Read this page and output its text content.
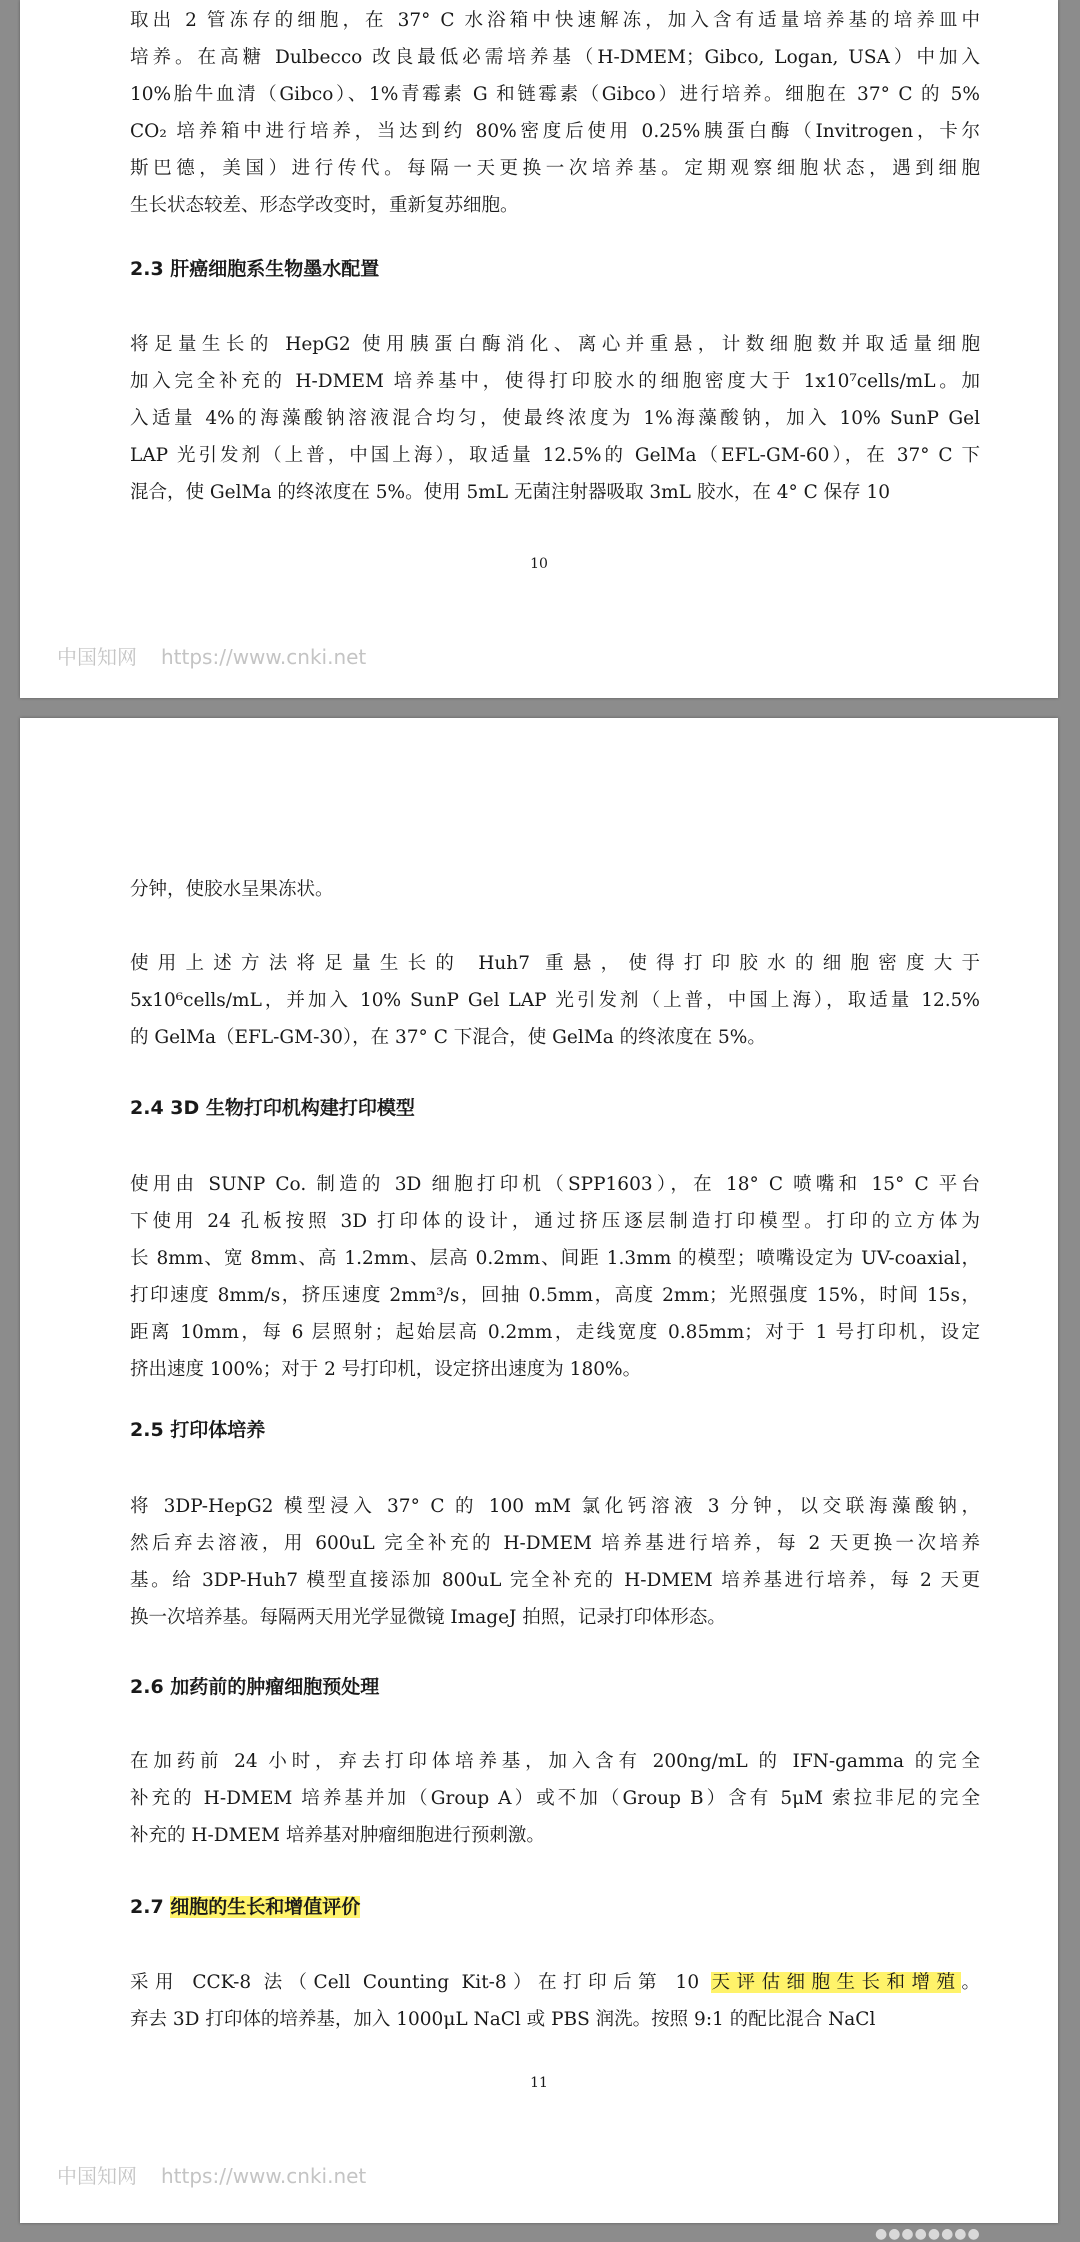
取出 2 管冻存的细胞，在 37° C 水浴箱中快速解冻，加入含有适量培养基的培养皿中
培养。在高糖 Dulbecco 改良最低必需培养基（H-DMEM；Gibco, Logan, USA）中加入
10%胎牛血清（Gibco）、1%青霉素 G 和链霉素（Gibco）进行培养。细胞在 37° C 的 5%
CO₂ 培养箱中进行培养，当达到约 80%密度后使用 0.25%胰蛋白酶（Invitrogen，卡尔
斯巴德，美国）进行传代。每隔一天更换一次培养基。定期观察细胞状态，遇到细胞
生长状态较差、形态学改变时，重新复苏细胞。

2.3 肝癌细胞系生物墨水配置

将足量生长的 HepG2 使用胰蛋白酶消化、离心并重悬，计数细胞数并取适量细胞
加入完全补充的 H-DMEM 培养基中，使得打印胶水的细胞密度大于 1x10⁷cells/mL。加
入适量 4%的海藻酸钠溶液混合均匀，使最终浓度为 1%海藻酸钠，加入 10% SunP Gel
LAP 光引发剂（上普，中国上海），取适量 12.5%的 GelMa（EFL-GM-60），在 37° C 下
混合，使 GelMa 的终浓度在 5%。使用 5mL 无菌注射器吸取 3mL 胶水，在 4° C 保存 10

10
中国知网 https://www.cnki.net

分钟，使胶水呈果冻状。

使用上述方法将足量生长的 Huh7 重悬，使得打印胶水的细胞密度大于
5x10⁶cells/mL，并加入 10% SunP Gel LAP 光引发剂（上普，中国上海），取适量 12.5%
的 GelMa（EFL-GM-30），在 37° C 下混合，使 GelMa 的终浓度在 5%。

2.4 3D 生物打印机构建打印模型

使用由 SUNP Co. 制造的 3D 细胞打印机（SPP1603），在 18° C 喷嘴和 15° C 平台
下使用 24 孔板按照 3D 打印体的设计，通过挤压逐层制造打印模型。打印的立方体为
长 8mm、宽 8mm、高 1.2mm、层高 0.2mm、间距 1.3mm 的模型；喷嘴设定为 UV-coaxial，
打印速度 8mm/s，挤压速度 2mm³/s，回抽 0.5mm，高度 2mm；光照强度 15%，时间 15s，
距离 10mm，每 6 层照射；起始层高 0.2mm，走线宽度 0.85mm；对于 1 号打印机，设定
挤出速度 100%；对于 2 号打印机，设定挤出速度为 180%。

2.5 打印体培养

将 3DP-HepG2 模型浸入 37° C 的 100 mM 氯化钙溶液 3 分钟，以交联海藻酸钠，
然后弃去溶液，用 600uL 完全补充的 H-DMEM 培养基进行培养，每 2 天更换一次培养
基。给 3DP-Huh7 模型直接添加 800uL 完全补充的 H-DMEM 培养基进行培养，每 2 天更
换一次培养基。每隔两天用光学显微镜 ImageJ 拍照，记录打印体形态。

2.6 加药前的肿瘤细胞预处理

在加药前 24 小时，弃去打印体培养基，加入含有 200ng/mL 的 IFN-gamma 的完全
补充的 H-DMEM 培养基并加（Group A）或不加（Group B）含有 5μM 索拉非尼的完全
补充的 H-DMEM 培养基对肿瘤细胞进行预刺激。

2.7 细胞的生长和增值评价

采用 CCK-8 法（Cell Counting Kit-8）在打印后第 10 天评估细胞生长和增殖。
弃去 3D 打印体的培养基，加入 1000μL NaCl 或 PBS 润洗。按照 9:1 的配比混合 NaCl

11
中国知网 https://www.cnki.net
●●●●●●●●
